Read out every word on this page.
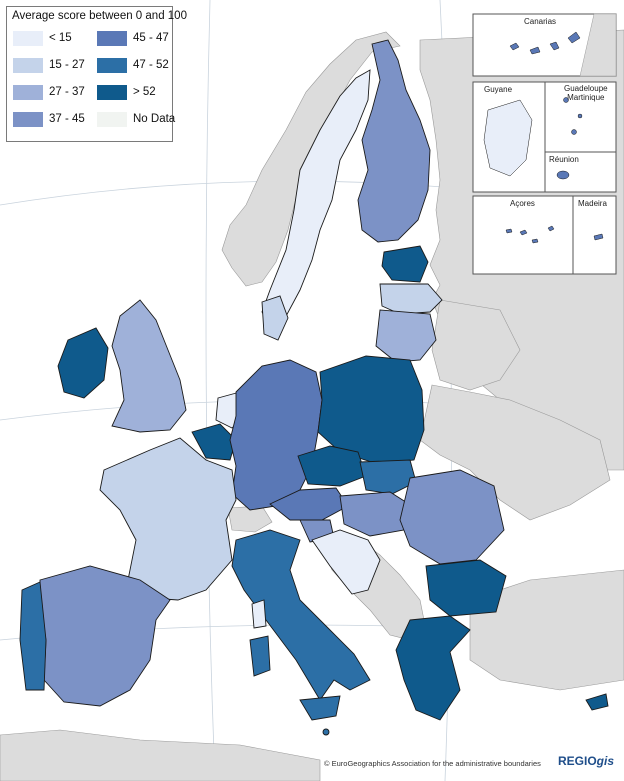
Average score between 0 and 100
< 15
15 - 27
27 - 37
37 - 45
45 - 47
47 - 52
> 52
No Data
Canarias
Guyane	Guadeloupe
Martinique
Réunion
Açores	Madeira
© EuroGeographics Association for the administrative boundaries REGIOgis
